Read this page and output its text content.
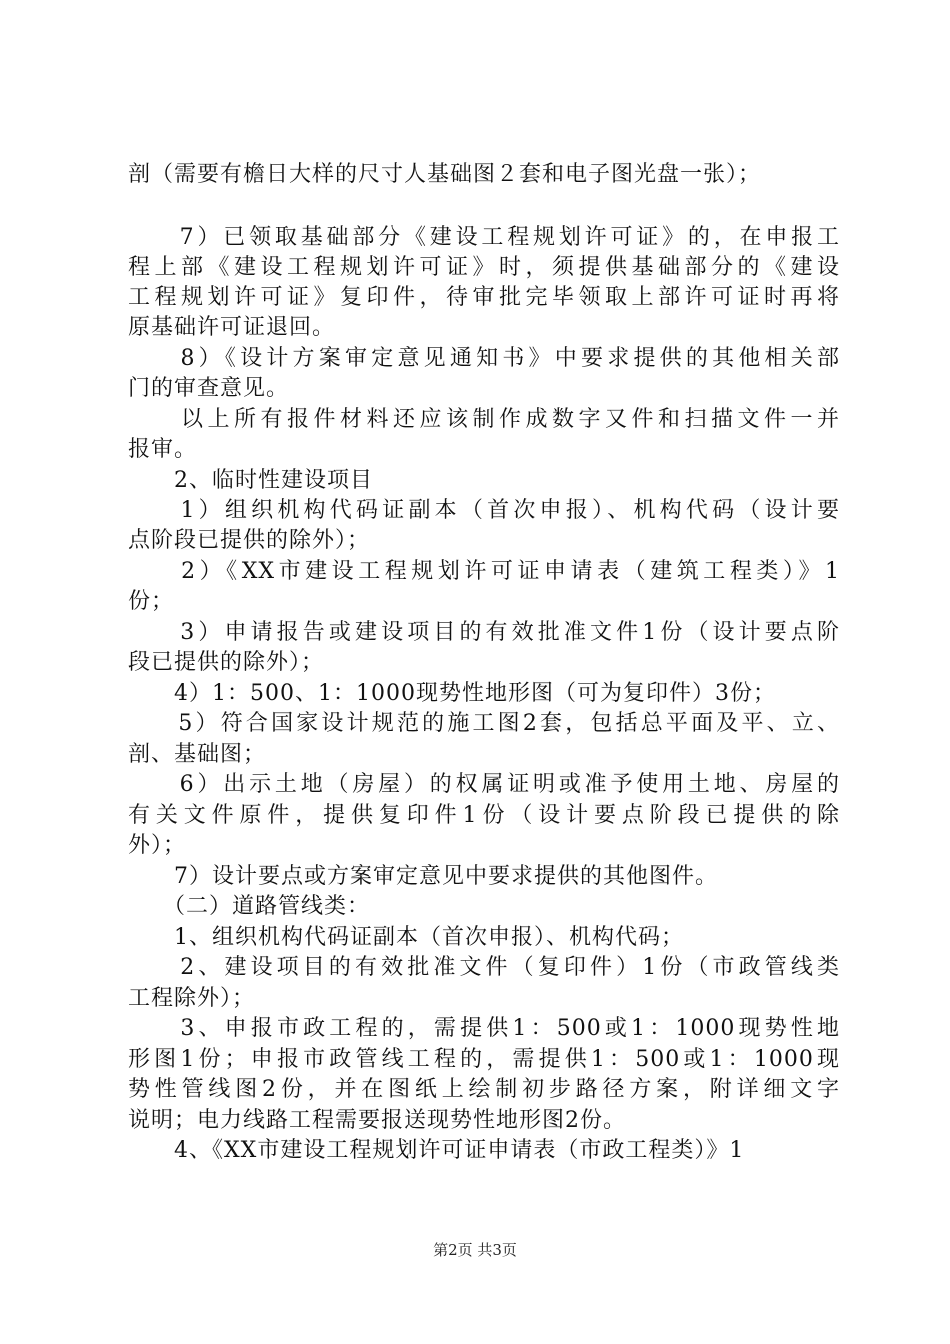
剖（需要有檐日大样的尺寸人基础图２套和电子图光盘一张）；
　　7）已领取基础部分《建设工程规划许可证》的，在申报工
程上部《建设工程规划许可证》时，须提供基础部分的《建设
工程规划许可证》复印件，待审批完毕领取上部许可证时再将
原基础许可证退回。
　　8）《设计方案审定意见通知书》中要求提供的其他相关部
门的审查意见。
　　以上所有报件材料还应该制作成数字又件和扫描文件一并
报审。
　　2、临时性建设项目
　　1）组织机构代码证副本（首次申报）、机构代码（设计要
点阶段已提供的除外）；
　　2）《XX市建设工程规划许可证申请表（建筑工程类）》1
份；
　　3）申请报告或建设项目的有效批准文件1份（设计要点阶
段已提供的除外）；
　　4）1：500、1：1000现势性地形图（可为复印件）3份；
　　5）符合国家设计规范的施工图2套，包括总平面及平、立、
剖、基础图；
　　6）出示土地（房屋）的权属证明或准予使用土地、房屋的
有关文件原件，提供复印件1份（设计要点阶段已提供的除
外）；
　　7）设计要点或方案审定意见中要求提供的其他图件。
　　（二）道路管线类：
　　1、组织机构代码证副本（首次申报）、机构代码；
　　2、建设项目的有效批准文件（复印件）1份（市政管线类
工程除外）；
　　3、申报市政工程的，需提供1：500或1：1000现势性地
形图1份；申报市政管线工程的，需提供1：500或1：1000现
势性管线图2份，并在图纸上绘制初步路径方案，附详细文字
说明；电力线路工程需要报送现势性地形图2份。
　　4、《XX市建设工程规划许可证申请表（市政工程类）》1
第2页 共3页
